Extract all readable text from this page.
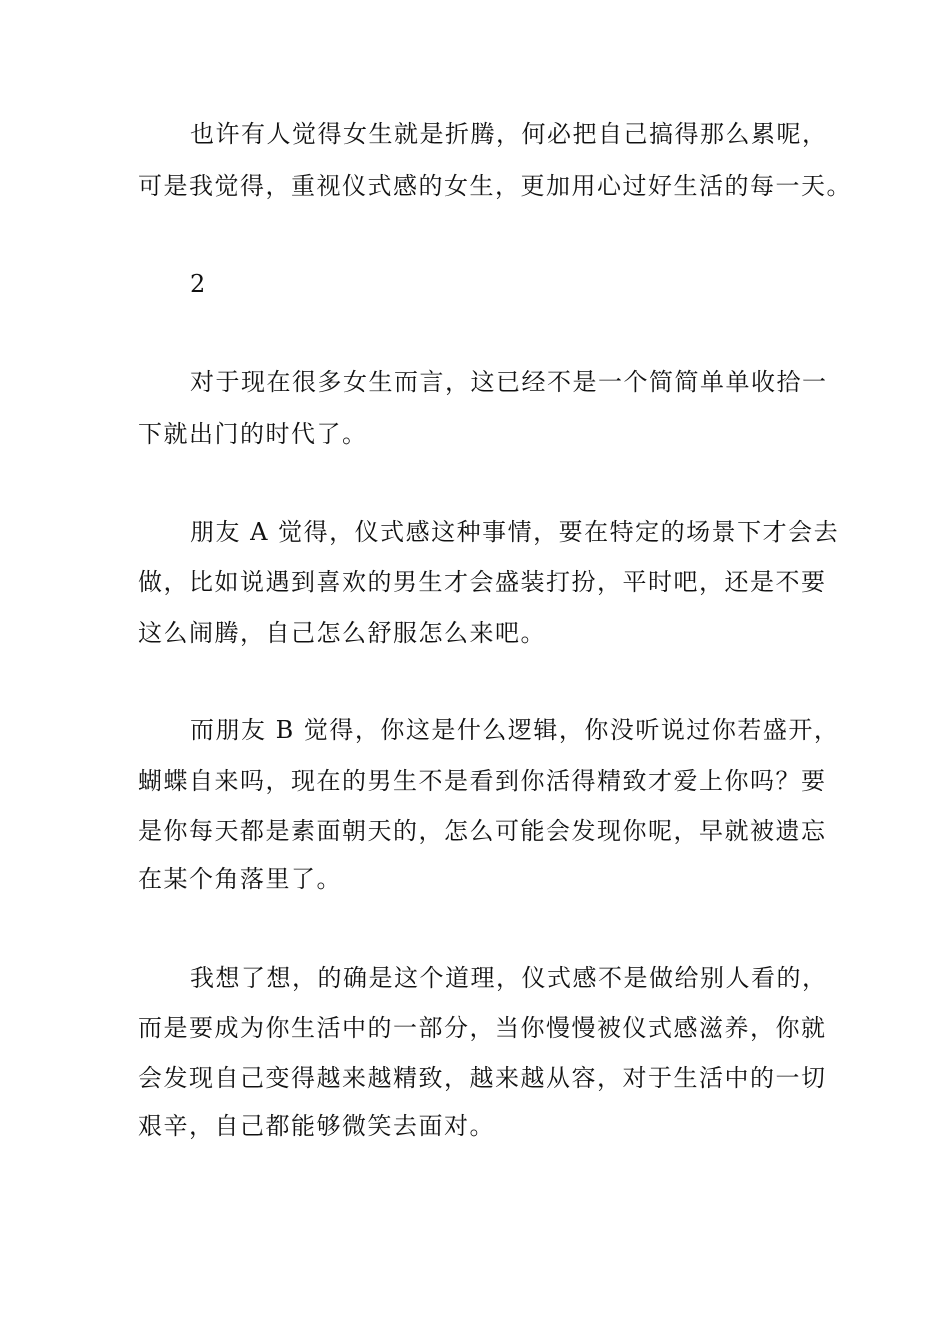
也许有人觉得女生就是折腾，何必把自己搞得那么累呢，

可是我觉得，重视仪式感的女生，更加用心过好生活的每一天。

2

对于现在很多女生而言，这已经不是一个简简单单收拾一

下就出门的时代了。

朋友 A 觉得，仪式感这种事情，要在特定的场景下才会去

做，比如说遇到喜欢的男生才会盛装打扮，平时吧，还是不要

这么闹腾，自己怎么舒服怎么来吧。

而朋友 B 觉得，你这是什么逻辑，你没听说过你若盛开，

蝴蝶自来吗，现在的男生不是看到你活得精致才爱上你吗？要

是你每天都是素面朝天的，怎么可能会发现你呢，早就被遗忘

在某个角落里了。

我想了想，的确是这个道理，仪式感不是做给别人看的，

而是要成为你生活中的一部分，当你慢慢被仪式感滋养，你就

会发现自己变得越来越精致，越来越从容，对于生活中的一切

艰辛，自己都能够微笑去面对。
